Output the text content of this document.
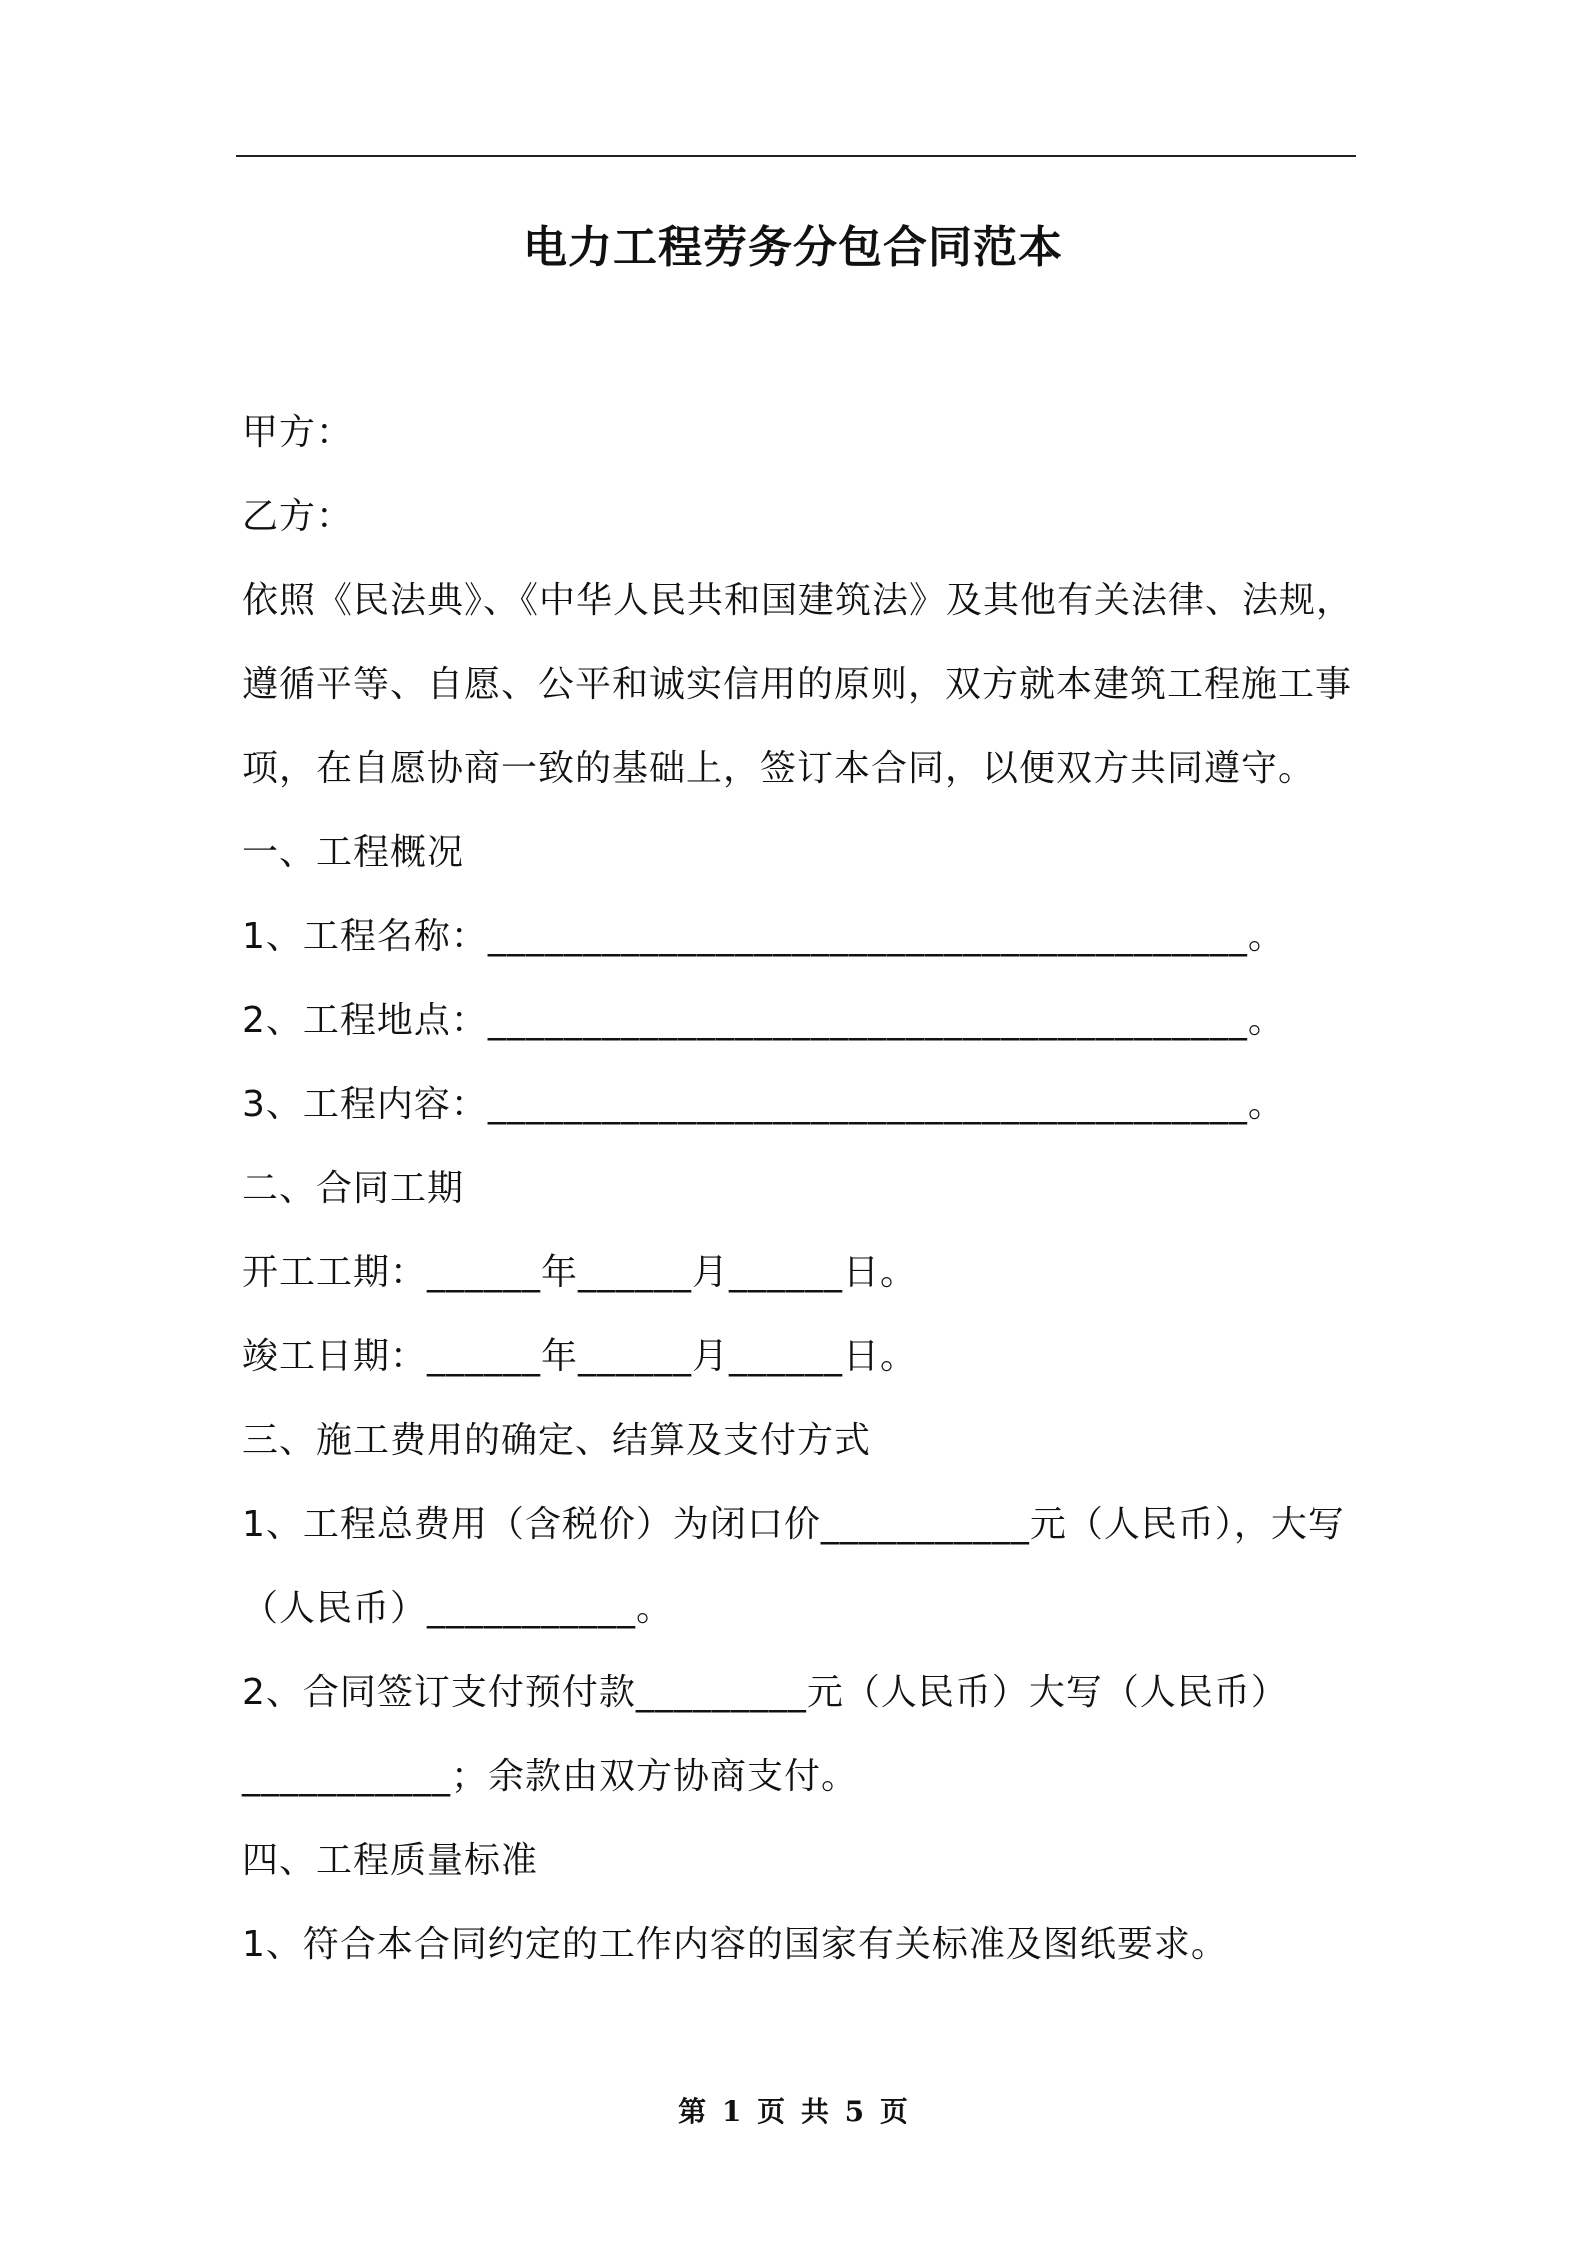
电力工程劳务分包合同范本
甲方：
乙方：
依照《民法典》、《中华人民共和国建筑法》及其他有关法律、法规，
遵循平等、自愿、公平和诚实信用的原则，双方就本建筑工程施工事
项，在自愿协商一致的基础上，签订本合同，以便双方共同遵守。
一、工程概况
1、工程名称：________________________________________。
2、工程地点：________________________________________。
3、工程内容：________________________________________。
二、合同工期
开工工期：______年______月______日。
竣工日期：______年______月______日。
三、施工费用的确定、结算及支付方式
1、工程总费用（含税价）为闭口价___________元（人民币），大写
（人民币）___________。
2、合同签订支付预付款_________元（人民币）大写（人民币）
___________；余款由双方协商支付。
四、工程质量标准
1、符合本合同约定的工作内容的国家有关标准及图纸要求。
第 1 页 共 5 页
